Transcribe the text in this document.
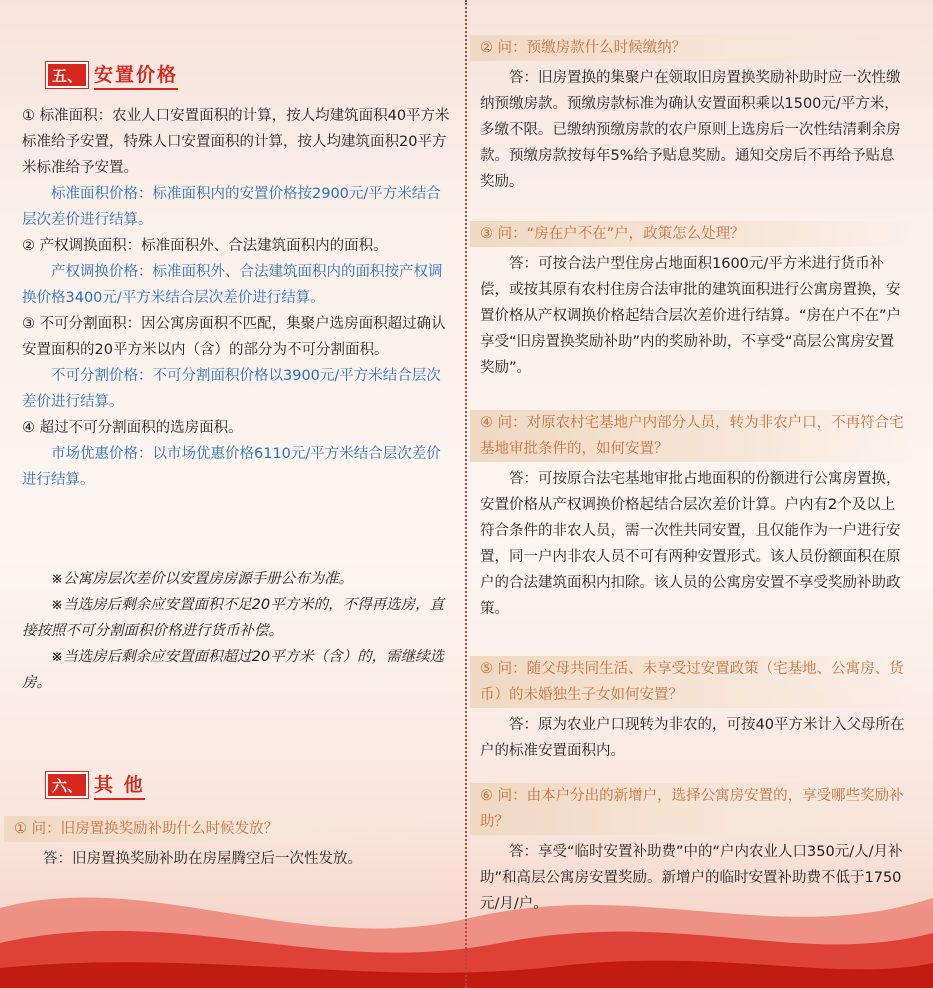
五、 安置价格

① 标准面积：农业人口安置面积的计算，按人均建筑面积40平方米标准给予安置，特殊人口安置面积的计算，按人均建筑面积20平方米标准给予安置。

标准面积价格：标准面积内的安置价格按2900元/平方米结合层次差价进行结算。

② 产权调换面积：标准面积外、合法建筑面积内的面积。

产权调换价格：标准面积外、合法建筑面积内的面积按产权调换价格3400元/平方米结合层次差价进行结算。

③ 不可分割面积：因公寓房面积不匹配，集聚户选房面积超过确认安置面积的20平方米以内（含）的部分为不可分割面积。

不可分割价格：不可分割面积价格以3900元/平方米结合层次差价进行结算。

④ 超过不可分割面积的选房面积。

市场优惠价格：以市场优惠价格6110元/平方米结合层次差价进行结算。

※公寓房层次差价以安置房房源手册公布为准。

※当选房后剩余应安置面积不足20平方米的，不得再选房，直接按照不可分割面积价格进行货币补偿。

※当选房后剩余应安置面积超过20平方米（含）的，需继续选房。

六、 其 他
① 问：旧房置换奖励补助什么时候发放？

答：旧房置换奖励补助在房屋腾空后一次性发放。

② 问：预缴房款什么时候缴纳？

答：旧房置换的集聚户在领取旧房置换奖励补助时应一次性缴纳预缴房款。预缴房款标准为确认安置面积乘以1500元/平方米，多缴不限。已缴纳预缴房款的农户原则上选房后一次性结清剩余房款。预缴房款按每年5%给予贴息奖励。通知交房后不再给予贴息奖励。

③ 问：“房在户不在”户，政策怎么处理？

答：可按合法户型住房占地面积1600元/平方米进行货币补偿，或按其原有农村住房合法审批的建筑面积进行公寓房置换，安置价格从产权调换价格起结合层次差价进行结算。“房在户不在”户享受“旧房置换奖励补助”内的奖励补助，不享受“高层公寓房安置奖励”。

④ 问：对原农村宅基地户内部分人员，转为非农户口，不再符合宅基地审批条件的，如何安置？

答：可按原合法宅基地审批占地面积的份额进行公寓房置换，安置价格从产权调换价格起结合层次差价计算。户内有2个及以上符合条件的非农人员，需一次性共同安置，且仅能作为一户进行安置，同一户内非农人员不可有两种安置形式。该人员份额面积在原户的合法建筑面积内扣除。该人员的公寓房安置不享受奖励补助政策。

⑤ 问：随父母共同生活、未享受过安置政策（宅基地、公寓房、货币）的未婚独生子女如何安置？

答：原为农业户口现转为非农的，可按40平方米计入父母所在户的标准安置面积内。

⑥ 问：由本户分出的新增户，选择公寓房安置的，享受哪些奖励补助？

答：享受“临时安置补助费”中的“户内农业人口350元/人/月补助”和高层公寓房安置奖励。新增户的临时安置补助费不低于1750元/月/户。
